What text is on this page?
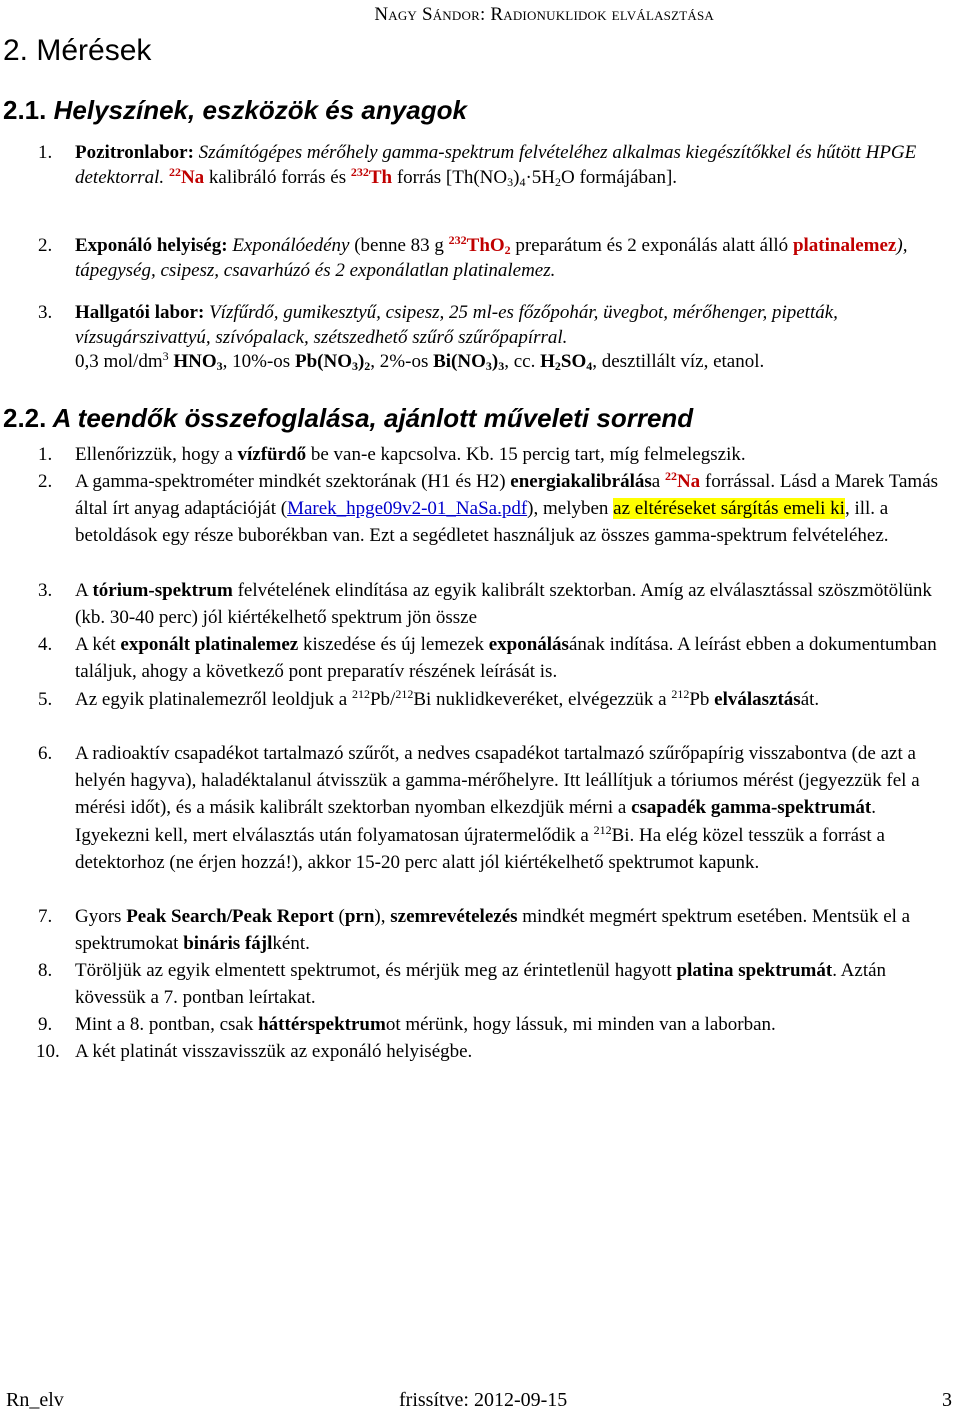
Nagy Sándor: Radionuklidok elválasztása
2. Mérések
2.1. Helyszínek, eszközök és anyagok
1. Pozitronlabor: Számítógépes mérőhely gamma-spektrum felvételéhez alkalmas kiegészítőkkel és hűtött HPGE detektorral. $^{22}$Na kalibráló forrás és $^{232}$Th forrás [$Th(NO_3)_4\cdot 5H_2O$ formájában].
2. Exponáló helyiség: Exponálóedény (benne 83 g $^{232}$ThO$_2$ preparátum és 2 exponálás alatt álló platinalemez), tápegység, csipesz, csavarhúzó és 2 exponálatlan platinalemez.
3. Hallgatói labor: Vízfűrdő, gumikesztyű, csipesz, 25 ml-es főzőpohár, üvegbot, mérőhenger, pipetták, vízsugárszivattyú, szívópalack, szétszedhető szűrő szűrőpapírral.
0,3 mol/$dm^3$ $HNO_3$, 10%-os $Pb(NO_3)_2$, 2%-os $Bi(NO_3)_3$, cc. $H_2SO_4$, desztillált víz, etanol.
2.2. A teendők összefoglalása, ajánlott műveleti sorrend
1. Ellenőrizzük, hogy a vízfürdő be van-e kapcsolva. Kb. 15 percig tart, míg felmelegszik.
2. A gamma-spektrométer mindkét szektorának (H1 és H2) energiakalibrálása $^{22}$Na forrással. Lásd a Marek Tamás által írt anyag adaptációját (Marek_hpge09v2-01_NaSa.pdf), melyben az eltéréseket sárgítás emeli ki, ill. a betoldások egy része buborékban van. Ezt a segédletet használjuk az összes gamma-spektrum felvételéhez.
3. A tórium-spektrum felvételének elindítása az egyik kalibrált szektorban. Amíg az elválasztással szöszmötölünk (kb. 30-40 perc) jól kiértékelhető spektrum jön össze
4. A két exponált platinalemez kiszedése és új lemezek exponálásának indítása. A leírást ebben a dokumentumban találjuk, ahogy a következő pont preparatív részének leírását is.
5. Az egyik platinalemezről leoldjuk a $^{212}$Pb/$^{212}$Bi nuklidkeveréket, elvégezzük a $^{212}$Pb elválasztását.
6. A radioaktív csapadékot tartalmazó szűrőt, a nedves csapadékot tartalmazó szűrőpapírig visszabontva (de azt a helyén hagyva), haladéktalanul átvisszük a gamma-mérőhelyre. Itt leállítjuk a tóriumos mérést (jegyezzük fel a mérési időt), és a másik kalibrált szektorban nyomban elkezdjük mérni a csapadék gamma-spektrumát. Igyekezni kell, mert elválasztás után folyamatosan újratermelődik a $^{212}$Bi. Ha elég közel tesszük a forrást a detektorhoz (ne érjen hozzá!), akkor 15-20 perc alatt jól kiértékelhető spektrumot kapunk.
7. Gyors Peak Search/Peak Report (prn), szemrevételezés mindkét megmért spektrum esetében. Mentsük el a spektrumokat bináris fájlként.
8. Töröljük az egyik elmentett spektrumot, és mérjük meg az érintetlenül hagyott platina spektrumát. Aztán kövessük a 7. pontban leírtakat.
9. Mint a 8. pontban, csak háttérspektrumot mérünk, hogy lássuk, mi minden van a laborban.
10. A két platinát visszavisszük az exponáló helyiségbe.
Rn_elv	frissítve: 2012-09-15	3
